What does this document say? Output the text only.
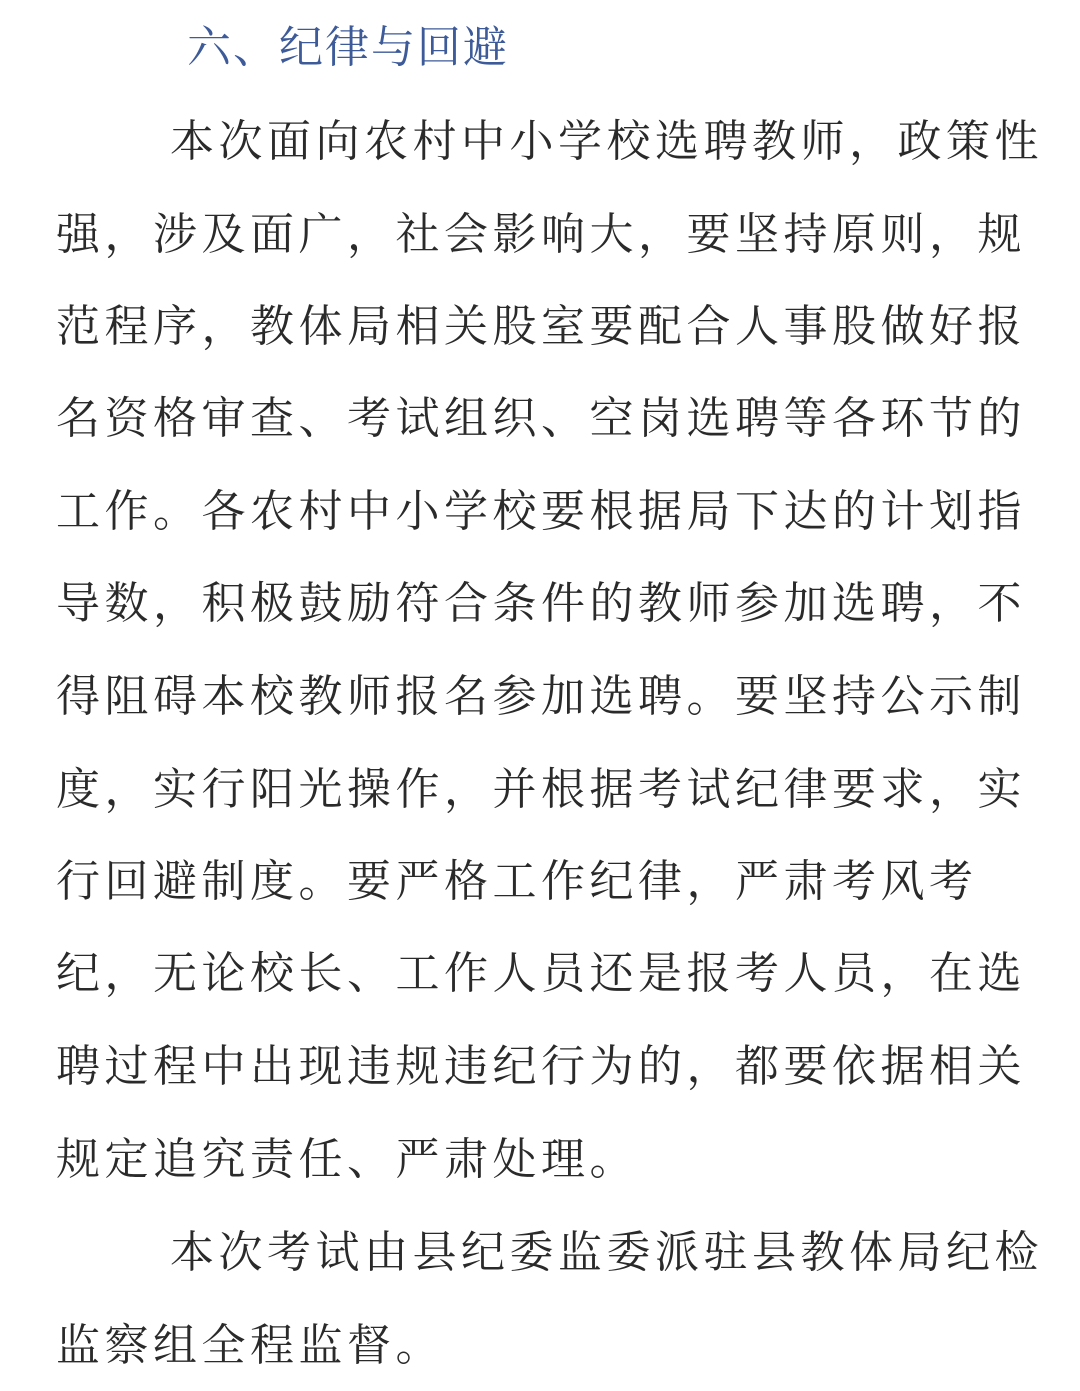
六、纪律与回避
本次面向农村中小学校选聘教师，政策性
强，涉及面广，社会影响大，要坚持原则，规
范程序，教体局相关股室要配合人事股做好报
名资格审查、考试组织、空岗选聘等各环节的
工作。各农村中小学校要根据局下达的计划指
导数，积极鼓励符合条件的教师参加选聘，不
得阻碍本校教师报名参加选聘。要坚持公示制
度，实行阳光操作，并根据考试纪律要求，实
行回避制度。要严格工作纪律，严肃考风考
纪，无论校长、工作人员还是报考人员，在选
聘过程中出现违规违纪行为的，都要依据相关
规定追究责任、严肃处理。
本次考试由县纪委监委派驻县教体局纪检
监察组全程监督。
